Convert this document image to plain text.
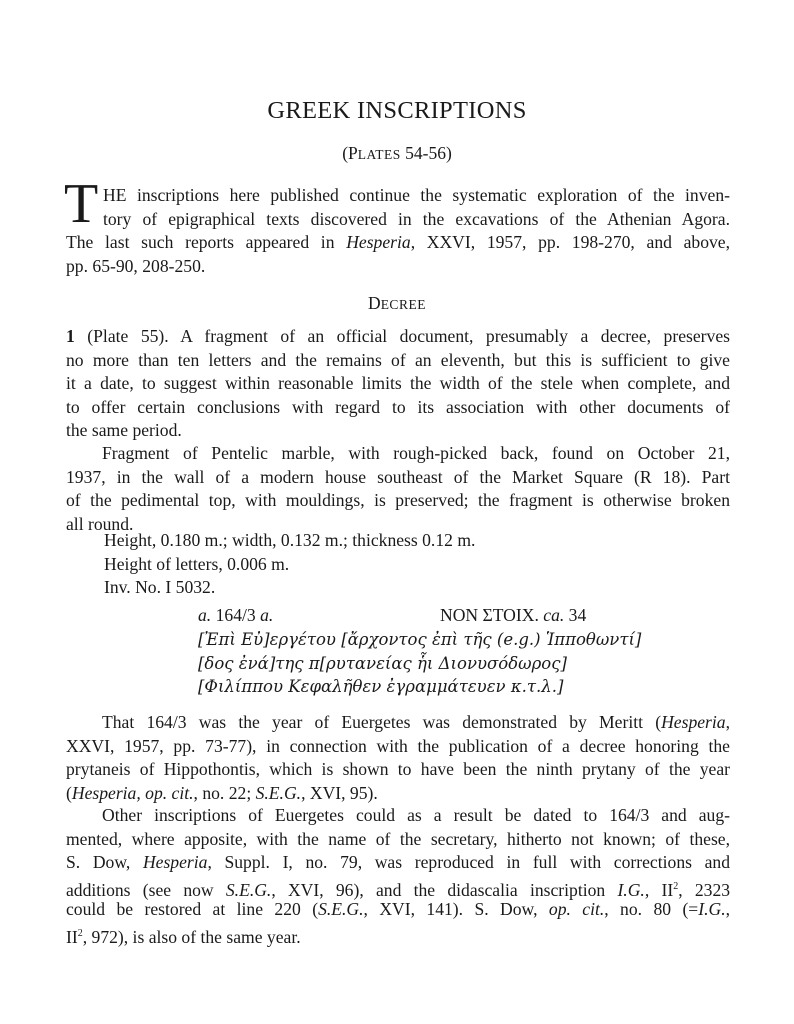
GREEK INSCRIPTIONS
(PLATES 54-56)
T HE inscriptions here published continue the systematic exploration of the inven-
tory of epigraphical texts discovered in the excavations of the Athenian Agora.
The last such reports appeared in Hesperia, XXVI, 1957, pp. 198-270, and above,
pp. 65-90, 208-250.
DECREE
1 (Plate 55). A fragment of an official document, presumably a decree, preserves
no more than ten letters and the remains of an eleventh, but this is sufficient to give
it a date, to suggest within reasonable limits the width of the stele when complete, and
to offer certain conclusions with regard to its association with other documents of
the same period.
Fragment of Pentelic marble, with rough-picked back, found on October 21,
1937, in the wall of a modern house southeast of the Market Square (R 18). Part
of the pedimental top, with mouldings, is preserved; the fragment is otherwise broken
all round.
Height, 0.180 m.; width, 0.132 m.; thickness 0.12 m.
Height of letters, 0.006 m.
Inv. No. I 5032.
a. 164/3 a.	NON ΣΤΟΙΧ. ca. 34
[Ἐπὶ Εὐ]εργέτου [ἄρχοντος ἐπὶ τῆς (e.g.) Ἱπποθωντί]
[δος ἐνά]της π[ρυτανείας ἧι Διονυσόδωρος]
[Φιλίππου Κεφαλῆθεν ἐγραμμάτευεν κ.τ.λ.]
That 164/3 was the year of Euergetes was demonstrated by Meritt (Hesperia,
XXVI, 1957, pp. 73-77), in connection with the publication of a decree honoring the
prytaneis of Hippothontis, which is shown to have been the ninth prytany of the year
(Hesperia, op. cit., no. 22; S.E.G., XVI, 95).
Other inscriptions of Euergetes could as a result be dated to 164/3 and aug-
mented, where apposite, with the name of the secretary, hitherto not known; of these,
S. Dow, Hesperia, Suppl. I, no. 79, was reproduced in full with corrections and
additions (see now S.E.G., XVI, 96), and the didascalia inscription I.G., $II^2$, 2323
could be restored at line 220 (S.E.G., XVI, 141). S. Dow, op. cit., no. 80 (=I.G.,
$II^2$, 972), is also of the same year.
